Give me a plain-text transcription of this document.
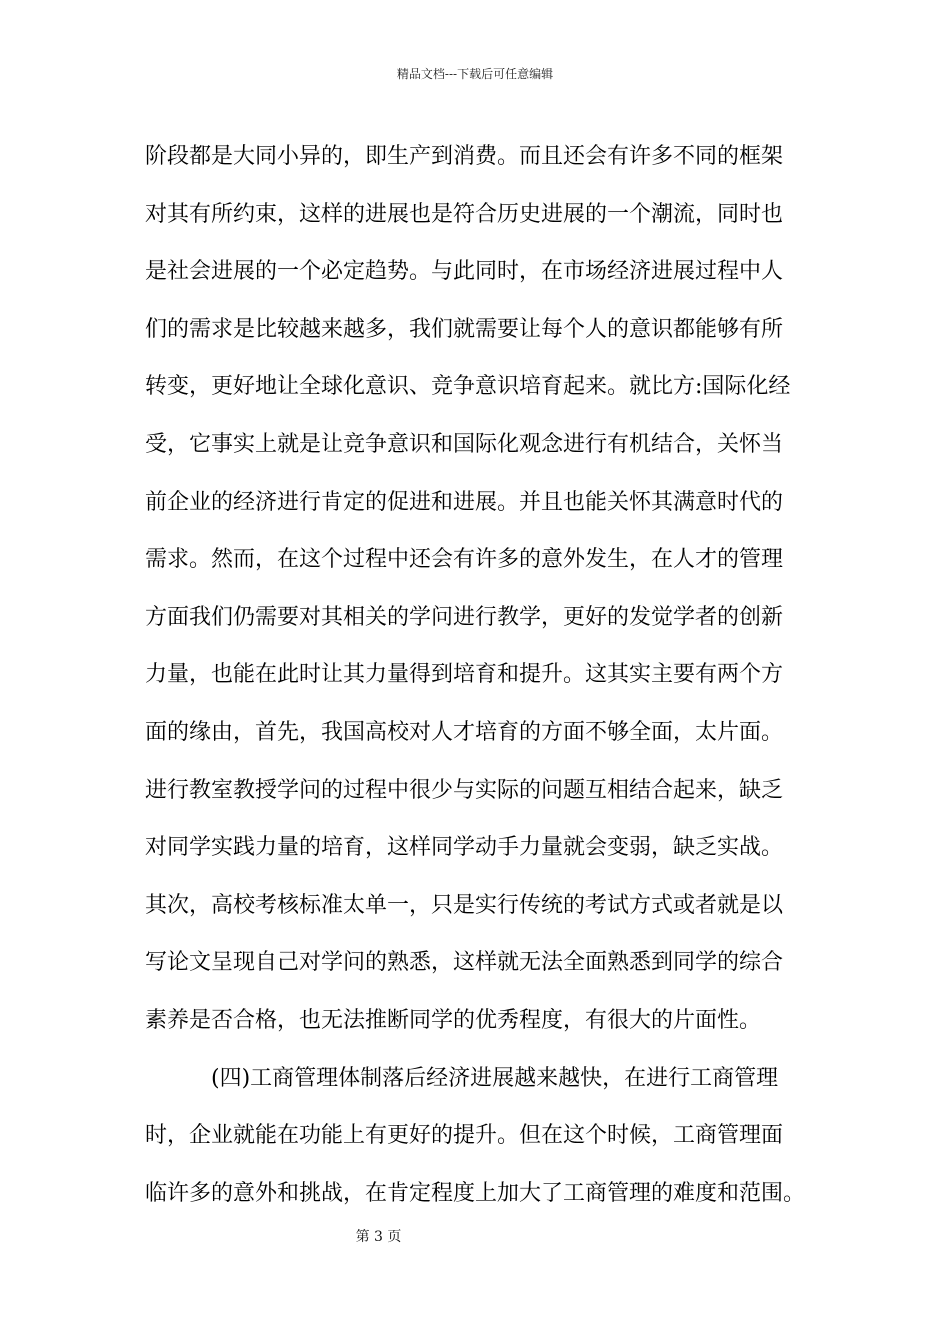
精品文档---下载后可任意编辑
阶段都是大同小异的，即生产到消费。而且还会有许多不同的框架
对其有所约束，这样的进展也是符合历史进展的一个潮流，同时也
是社会进展的一个必定趋势。与此同时，在市场经济进展过程中人
们的需求是比较越来越多，我们就需要让每个人的意识都能够有所
转变，更好地让全球化意识、竞争意识培育起来。就比方:国际化经
受，它事实上就是让竞争意识和国际化观念进行有机结合，关怀当
前企业的经济进行肯定的促进和进展。并且也能关怀其满意时代的
需求。然而，在这个过程中还会有许多的意外发生，在人才的管理
方面我们仍需要对其相关的学问进行教学，更好的发觉学者的创新
力量，也能在此时让其力量得到培育和提升。这其实主要有两个方
面的缘由，首先，我国高校对人才培育的方面不够全面，太片面。
进行教室教授学问的过程中很少与实际的问题互相结合起来，缺乏
对同学实践力量的培育，这样同学动手力量就会变弱，缺乏实战。
其次，高校考核标准太单一，只是实行传统的考试方式或者就是以
写论文呈现自己对学问的熟悉，这样就无法全面熟悉到同学的综合
素养是否合格，也无法推断同学的优秀程度，有很大的片面性。
(四)工商管理体制落后经济进展越来越快，在进行工商管理
时，企业就能在功能上有更好的提升。但在这个时候，工商管理面
临许多的意外和挑战，在肯定程度上加大了工商管理的难度和范围。
第 3 页
